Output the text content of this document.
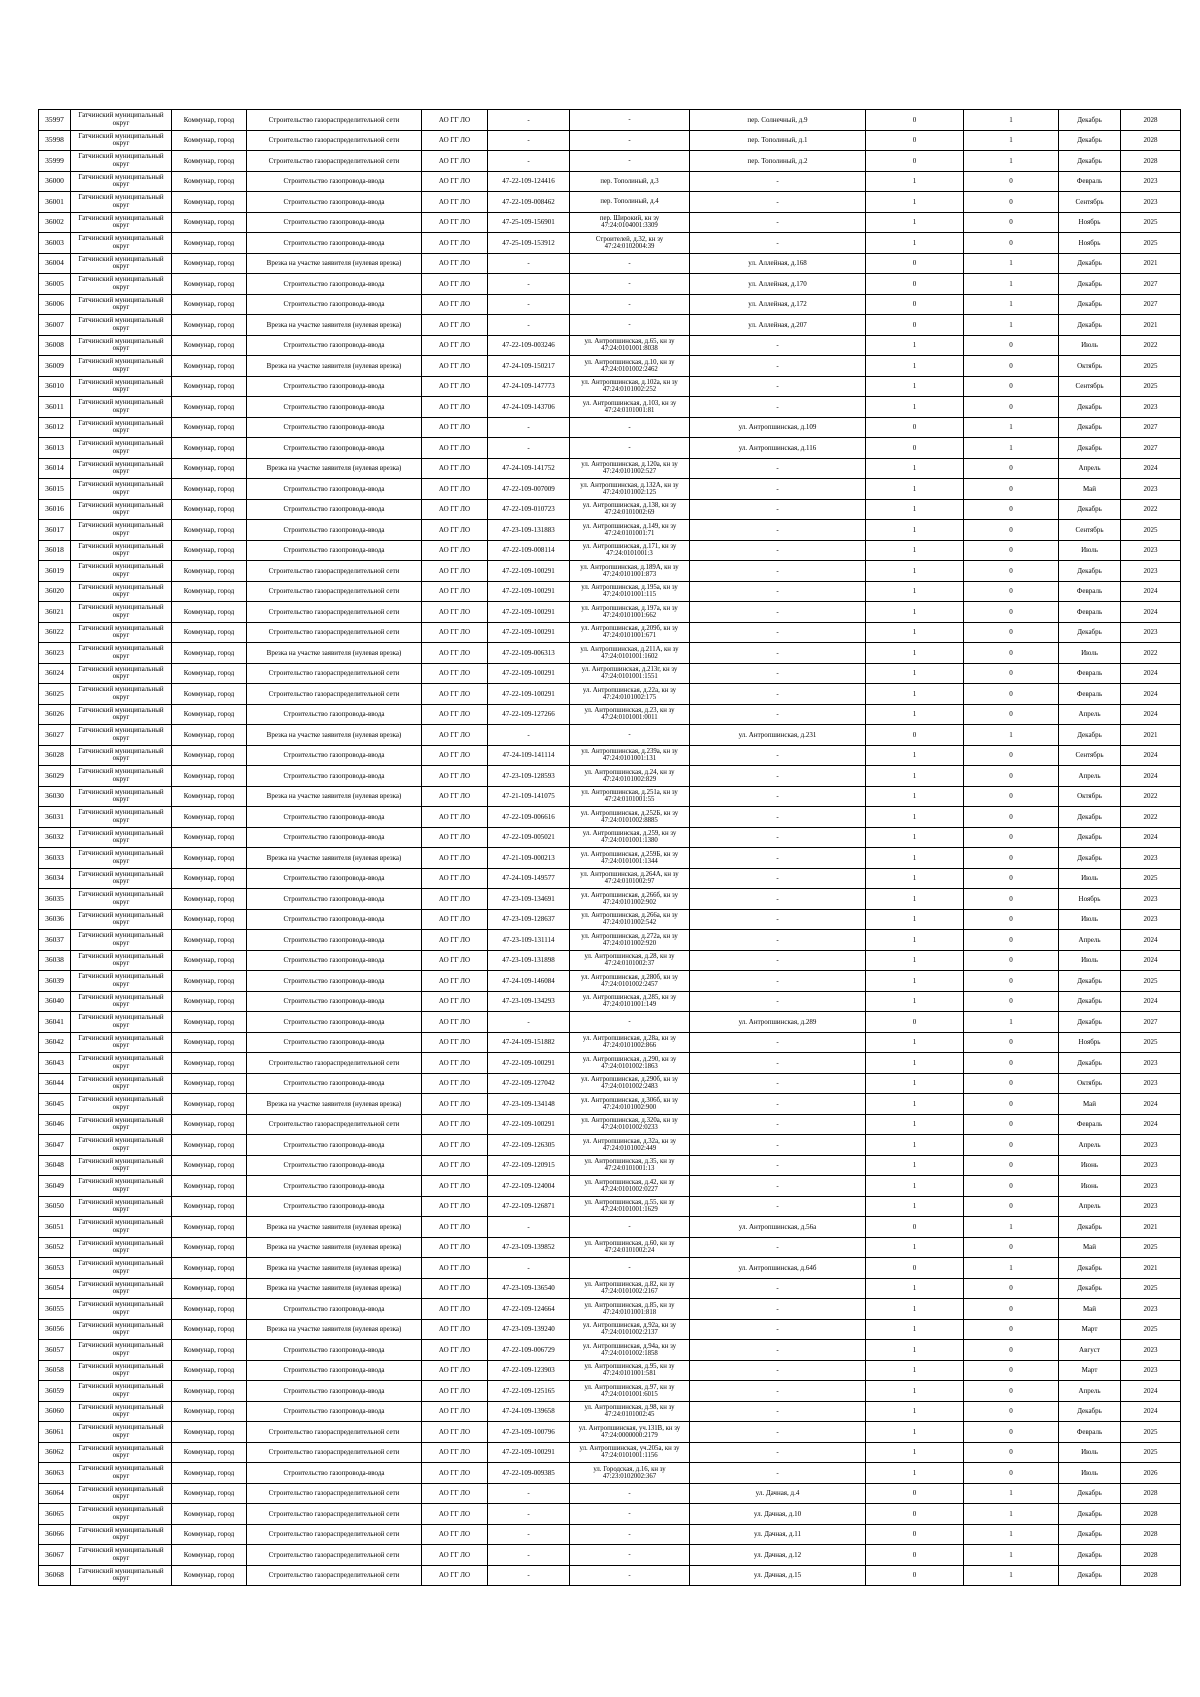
35997	Гатчинский муниципальный округ	Коммунар, город	Строительство газораспределительной сети	АО ГГ ЛО	-	-	пер. Солнечный, д.9	0	1	Декабрь	2028
35998	Гатчинский муниципальный округ	Коммунар, город	Строительство газораспределительной сети	АО ГГ ЛО	-	-	пер. Тополиный, д.1	0	1	Декабрь	2028
35999	Гатчинский муниципальный округ	Коммунар, город	Строительство газораспределительной сети	АО ГГ ЛО	-	-	пер. Тополиный, д.2	0	1	Декабрь	2028
36000	Гатчинский муниципальный округ	Коммунар, город	Строительство газопровода-ввода	АО ГГ ЛО	47-22-109-124416	пер. Тополиный, д.3	-	1	0	Февраль	2023
36001	Гатчинский муниципальный округ	Коммунар, город	Строительство газопровода-ввода	АО ГГ ЛО	47-22-109-008462	пер. Тополиный, д.4	-	1	0	Сентябрь	2023
36002	Гатчинский муниципальный округ	Коммунар, город	Строительство газопровода-ввода	АО ГГ ЛО	47-25-109-156901	пер. Широкий, кн зу 47:24:0104001:3309	-	1	0	Ноябрь	2025
36003	Гатчинский муниципальный округ	Коммунар, город	Строительство газопровода-ввода	АО ГГ ЛО	47-25-109-153912	Строителей, д.32, кн зу 47:24:0102004:39	-	1	0	Ноябрь	2025
36004	Гатчинский муниципальный округ	Коммунар, город	Врезка на участке заявителя (нулевая врезка)	АО ГГ ЛО	-	-	ул. Аллейная, д.168	0	1	Декабрь	2021
36005	Гатчинский муниципальный округ	Коммунар, город	Строительство газопровода-ввода	АО ГГ ЛО	-	-	ул. Аллейная, д.170	0	1	Декабрь	2027
36006	Гатчинский муниципальный округ	Коммунар, город	Строительство газопровода-ввода	АО ГГ ЛО	-	-	ул. Аллейная, д.172	0	1	Декабрь	2027
36007	Гатчинский муниципальный округ	Коммунар, город	Врезка на участке заявителя (нулевая врезка)	АО ГГ ЛО	-	-	ул. Аллейная, д.207	0	1	Декабрь	2021
36008	Гатчинский муниципальный округ	Коммунар, город	Строительство газопровода-ввода	АО ГГ ЛО	47-22-109-003246	ул. Антропшинская, д.65, кн зу 47:24:0101001:8038	-	1	0	Июль	2022
36009	Гатчинский муниципальный округ	Коммунар, город	Врезка на участке заявителя (нулевая врезка)	АО ГГ ЛО	47-24-109-150217	ул. Антропшинская, д.10, кн зу 47:24:0101002:2462	-	1	0	Октябрь	2025
36010	Гатчинский муниципальный округ	Коммунар, город	Строительство газопровода-ввода	АО ГГ ЛО	47-24-109-147773	ул. Антропшинская, д.102а, кн зу 47:24:0101002:252	-	1	0	Сентябрь	2025
36011	Гатчинский муниципальный округ	Коммунар, город	Строительство газопровода-ввода	АО ГГ ЛО	47-24-109-143706	ул. Антропшинская, д.103, кн зу 47:24:0101001:81	-	1	0	Декабрь	2023
36012	Гатчинский муниципальный округ	Коммунар, город	Строительство газопровода-ввода	АО ГГ ЛО	-	-	ул. Антропшинская, д.109	0	1	Декабрь	2027
36013	Гатчинский муниципальный округ	Коммунар, город	Строительство газопровода-ввода	АО ГГ ЛО	-	-	ул. Антропшинская, д.116	0	1	Декабрь	2027
36014	Гатчинский муниципальный округ	Коммунар, город	Врезка на участке заявителя (нулевая врезка)	АО ГГ ЛО	47-24-109-141752	ул. Антропшинская, д.120а, кн зу 47:24:0101002:527	-	1	0	Апрель	2024
36015	Гатчинский муниципальный округ	Коммунар, город	Строительство газопровода-ввода	АО ГГ ЛО	47-22-109-007009	ул. Антропшинская, д.132А, кн зу 47:24:0101002:125	-	1	0	Май	2023
36016	Гатчинский муниципальный округ	Коммунар, город	Строительство газопровода-ввода	АО ГГ ЛО	47-22-109-010723	ул. Антропшинская, д.138, кн зу 47:24:0101002:69	-	1	0	Декабрь	2022
36017	Гатчинский муниципальный округ	Коммунар, город	Строительство газопровода-ввода	АО ГГ ЛО	47-23-109-131883	ул. Антропшинская, д.149, кн зу 47:24:0101001:71	-	1	0	Сентябрь	2025
36018	Гатчинский муниципальный округ	Коммунар, город	Строительство газопровода-ввода	АО ГГ ЛО	47-22-109-008114	ул. Антропшинская, д.171, кн зу 47:24:0101001:3	-	1	0	Июль	2023
36019	Гатчинский муниципальный округ	Коммунар, город	Строительство газораспределительной сети	АО ГГ ЛО	47-22-109-100291	ул. Антропшинская, д.189А, кн зу 47:24:0101001:873	-	1	0	Декабрь	2023
36020	Гатчинский муниципальный округ	Коммунар, город	Строительство газораспределительной сети	АО ГГ ЛО	47-22-109-100291	ул. Антропшинская, д.195а, кн зу 47:24:0101001:115	-	1	0	Февраль	2024
36021	Гатчинский муниципальный округ	Коммунар, город	Строительство газораспределительной сети	АО ГГ ЛО	47-22-109-100291	ул. Антропшинская, д.197а, кн зу 47:24:0101001:662	-	1	0	Февраль	2024
36022	Гатчинский муниципальный округ	Коммунар, город	Строительство газораспределительной сети	АО ГГ ЛО	47-22-109-100291	ул. Антропшинская, д.209б, кн зу 47:24:0101001:671	-	1	0	Декабрь	2023
36023	Гатчинский муниципальный округ	Коммунар, город	Врезка на участке заявителя (нулевая врезка)	АО ГГ ЛО	47-22-109-006313	ул. Антропшинская, д.211А, кн зу 47:24:0101001:1602	-	1	0	Июль	2022
36024	Гатчинский муниципальный округ	Коммунар, город	Строительство газораспределительной сети	АО ГГ ЛО	47-22-109-100291	ул. Антропшинская, д.213г, кн зу 47:24:0101001:1551	-	1	0	Февраль	2024
36025	Гатчинский муниципальный округ	Коммунар, город	Строительство газораспределительной сети	АО ГГ ЛО	47-22-109-100291	ул. Антропшинская, д.22а, кн зу 47:24:0101002:175	-	1	0	Февраль	2024
36026	Гатчинский муниципальный округ	Коммунар, город	Строительство газопровода-ввода	АО ГГ ЛО	47-22-109-127266	ул. Антропшинская, д.23, кн зу 47:24:0101001:0011	-	1	0	Апрель	2024
36027	Гатчинский муниципальный округ	Коммунар, город	Врезка на участке заявителя (нулевая врезка)	АО ГГ ЛО	-	-	ул. Антропшинская, д.231	0	1	Декабрь	2021
36028	Гатчинский муниципальный округ	Коммунар, город	Строительство газопровода-ввода	АО ГГ ЛО	47-24-109-141114	ул. Антропшинская, д.239а, кн зу 47:24:0101001:131	-	1	0	Сентябрь	2024
36029	Гатчинский муниципальный округ	Коммунар, город	Строительство газопровода-ввода	АО ГГ ЛО	47-23-109-128593	ул. Антропшинская, д.24, кн зу 47:24:0101002:829	-	1	0	Апрель	2024
36030	Гатчинский муниципальный округ	Коммунар, город	Врезка на участке заявителя (нулевая врезка)	АО ГГ ЛО	47-21-109-141075	ул. Антропшинская, д.251а, кн зу 47:24:0101001:55	-	1	0	Октябрь	2022
36031	Гатчинский муниципальный округ	Коммунар, город	Строительство газопровода-ввода	АО ГГ ЛО	47-22-109-006616	ул. Антропшинская, д.252Б, кн зу 47:24:0101002:8885	-	1	0	Декабрь	2022
36032	Гатчинский муниципальный округ	Коммунар, город	Строительство газопровода-ввода	АО ГГ ЛО	47-22-109-005021	ул. Антропшинская, д.259, кн зу 47:24:0101001:1380	-	1	0	Декабрь	2024
36033	Гатчинский муниципальный округ	Коммунар, город	Врезка на участке заявителя (нулевая врезка)	АО ГГ ЛО	47-21-109-000213	ул. Антропшинская, д.259Б, кн зу 47:24:0101001:1344	-	1	0	Декабрь	2023
36034	Гатчинский муниципальный округ	Коммунар, город	Строительство газопровода-ввода	АО ГГ ЛО	47-24-109-149577	ул. Антропшинская, д.264А, кн зу 47:24:0101002:97	-	1	0	Июль	2025
36035	Гатчинский муниципальный округ	Коммунар, город	Строительство газопровода-ввода	АО ГГ ЛО	47-23-109-134691	ул. Антропшинская, д.266б, кн зу 47:24:0101002:902	-	1	0	Ноябрь	2023
36036	Гатчинский муниципальный округ	Коммунар, город	Строительство газопровода-ввода	АО ГГ ЛО	47-23-109-128637	ул. Антропшинская, д.266а, кн зу 47:24:0101002:542	-	1	0	Июль	2023
36037	Гатчинский муниципальный округ	Коммунар, город	Строительство газопровода-ввода	АО ГГ ЛО	47-23-109-131114	ул. Антропшинская, д.272а, кн зу 47:24:0101002:920	-	1	0	Апрель	2024
36038	Гатчинский муниципальный округ	Коммунар, город	Строительство газопровода-ввода	АО ГГ ЛО	47-23-109-131898	ул. Антропшинская, д.28, кн зу 47:24:0101002:37	-	1	0	Июль	2024
36039	Гатчинский муниципальный округ	Коммунар, город	Строительство газопровода-ввода	АО ГГ ЛО	47-24-109-146084	ул. Антропшинская, д.280б, кн зу 47:24:0101002:2457	-	1	0	Декабрь	2025
36040	Гатчинский муниципальный округ	Коммунар, город	Строительство газопровода-ввода	АО ГГ ЛО	47-23-109-134293	ул. Антропшинская, д.285, кн зу 47:24:0101001:149	-	1	0	Декабрь	2024
36041	Гатчинский муниципальный округ	Коммунар, город	Строительство газопровода-ввода	АО ГГ ЛО	-	-	ул. Антропшинская, д.289	0	1	Декабрь	2027
36042	Гатчинский муниципальный округ	Коммунар, город	Строительство газопровода-ввода	АО ГГ ЛО	47-24-109-151882	ул. Антропшинская, д.28а, кн зу 47:24:0101002:866	-	1	0	Ноябрь	2025
36043	Гатчинский муниципальный округ	Коммунар, город	Строительство газораспределительной сети	АО ГГ ЛО	47-22-109-100291	ул. Антропшинская, д.290, кн зу 47:24:0101002:1863	-	1	0	Декабрь	2023
36044	Гатчинский муниципальный округ	Коммунар, город	Строительство газопровода-ввода	АО ГГ ЛО	47-22-109-127042	ул. Антропшинская, д.290б, кн зу 47:24:0101002:2483	-	1	0	Октябрь	2023
36045	Гатчинский муниципальный округ	Коммунар, город	Врезка на участке заявителя (нулевая врезка)	АО ГГ ЛО	47-23-109-134148	ул. Антропшинская, д.306б, кн зу 47:24:0101002:900	-	1	0	Май	2024
36046	Гатчинский муниципальный округ	Коммунар, город	Строительство газораспределительной сети	АО ГГ ЛО	47-22-109-100291	ул. Антропшинская, д.320а, кн зу 47:24:0101002:0233	-	1	0	Февраль	2024
36047	Гатчинский муниципальный округ	Коммунар, город	Строительство газопровода-ввода	АО ГГ ЛО	47-22-109-126305	ул. Антропшинская, д.32а, кн зу 47:24:0101002:449	-	1	0	Апрель	2023
36048	Гатчинский муниципальный округ	Коммунар, город	Строительство газопровода-ввода	АО ГГ ЛО	47-22-109-120915	ул. Антропшинская, д.35, кн зу 47:24:0101001:13	-	1	0	Июнь	2023
36049	Гатчинский муниципальный округ	Коммунар, город	Строительство газопровода-ввода	АО ГГ ЛО	47-22-109-124004	ул. Антропшинская, д.42, кн зу 47:24:0101002:0227	-	1	0	Июнь	2023
36050	Гатчинский муниципальный округ	Коммунар, город	Строительство газопровода-ввода	АО ГГ ЛО	47-22-109-126871	ул. Антропшинская, д.55, кн зу 47:24:0101001:1629	-	1	0	Апрель	2023
36051	Гатчинский муниципальный округ	Коммунар, город	Врезка на участке заявителя (нулевая врезка)	АО ГГ ЛО	-	-	ул. Антропшинская, д.56а	0	1	Декабрь	2021
36052	Гатчинский муниципальный округ	Коммунар, город	Врезка на участке заявителя (нулевая врезка)	АО ГГ ЛО	47-23-109-139852	ул. Антропшинская, д.60, кн зу 47:24:0101002:24	-	1	0	Май	2025
36053	Гатчинский муниципальный округ	Коммунар, город	Врезка на участке заявителя (нулевая врезка)	АО ГГ ЛО	-	-	ул. Антропшинская, д.64б	0	1	Декабрь	2021
36054	Гатчинский муниципальный округ	Коммунар, город	Врезка на участке заявителя (нулевая врезка)	АО ГГ ЛО	47-23-109-136540	ул. Антропшинская, д.82, кн зу 47:24:0101002:2167	-	1	0	Декабрь	2025
36055	Гатчинский муниципальный округ	Коммунар, город	Строительство газопровода-ввода	АО ГГ ЛО	47-22-109-124664	ул. Антропшинская, д.85, кн зу 47:24:0101001:818	-	1	0	Май	2023
36056	Гатчинский муниципальный округ	Коммунар, город	Врезка на участке заявителя (нулевая врезка)	АО ГГ ЛО	47-23-109-139240	ул. Антропшинская, д.92а, кн зу 47:24:0101002:2137	-	1	0	Март	2025
36057	Гатчинский муниципальный округ	Коммунар, город	Строительство газопровода-ввода	АО ГГ ЛО	47-22-109-006729	ул. Антропшинская, д.94а, кн зу 47:24:0101002:1858	-	1	0	Август	2023
36058	Гатчинский муниципальный округ	Коммунар, город	Строительство газопровода-ввода	АО ГГ ЛО	47-22-109-123903	ул. Антропшинская, д.95, кн зу 47:24:0101001:581	-	1	0	Март	2023
36059	Гатчинский муниципальный округ	Коммунар, город	Строительство газопровода-ввода	АО ГГ ЛО	47-22-109-125165	ул. Антропшинская, д.97, кн зу 47:24:0101001:6015	-	1	0	Апрель	2024
36060	Гатчинский муниципальный округ	Коммунар, город	Строительство газопровода-ввода	АО ГГ ЛО	47-24-109-139658	ул. Антропшинская, д.98, кн зу 47:24:0101002:45	-	1	0	Декабрь	2024
36061	Гатчинский муниципальный округ	Коммунар, город	Строительство газораспределительной сети	АО ГГ ЛО	47-23-109-100796	ул. Антропшинская, уч.131В, кн зу 47:24:0000000:2179	-	1	0	Февраль	2025
36062	Гатчинский муниципальный округ	Коммунар, город	Строительство газораспределительной сети	АО ГГ ЛО	47-22-109-100291	ул. Антропшинская, уч.205а, кн зу 47:24:0101001:1156	-	1	0	Июль	2025
36063	Гатчинский муниципальный округ	Коммунар, город	Строительство газопровода-ввода	АО ГГ ЛО	47-22-109-009385	ул. Городская, д.16, кн зу 47:23:0102002:367	-	1	0	Июль	2026
36064	Гатчинский муниципальный округ	Коммунар, город	Строительство газораспределительной сети	АО ГГ ЛО	-	-	ул. Дачная, д.4	0	1	Декабрь	2028
36065	Гатчинский муниципальный округ	Коммунар, город	Строительство газораспределительной сети	АО ГГ ЛО	-	-	ул. Дачная, д.10	0	1	Декабрь	2028
36066	Гатчинский муниципальный округ	Коммунар, город	Строительство газораспределительной сети	АО ГГ ЛО	-	-	ул. Дачная, д.11	0	1	Декабрь	2028
36067	Гатчинский муниципальный округ	Коммунар, город	Строительство газораспределительной сети	АО ГГ ЛО	-	-	ул. Дачная, д.12	0	1	Декабрь	2028
36068	Гатчинский муниципальный округ	Коммунар, город	Строительство газораспределительной сети	АО ГГ ЛО	-	-	ул. Дачная, д.15	0	1	Декабрь	2028
